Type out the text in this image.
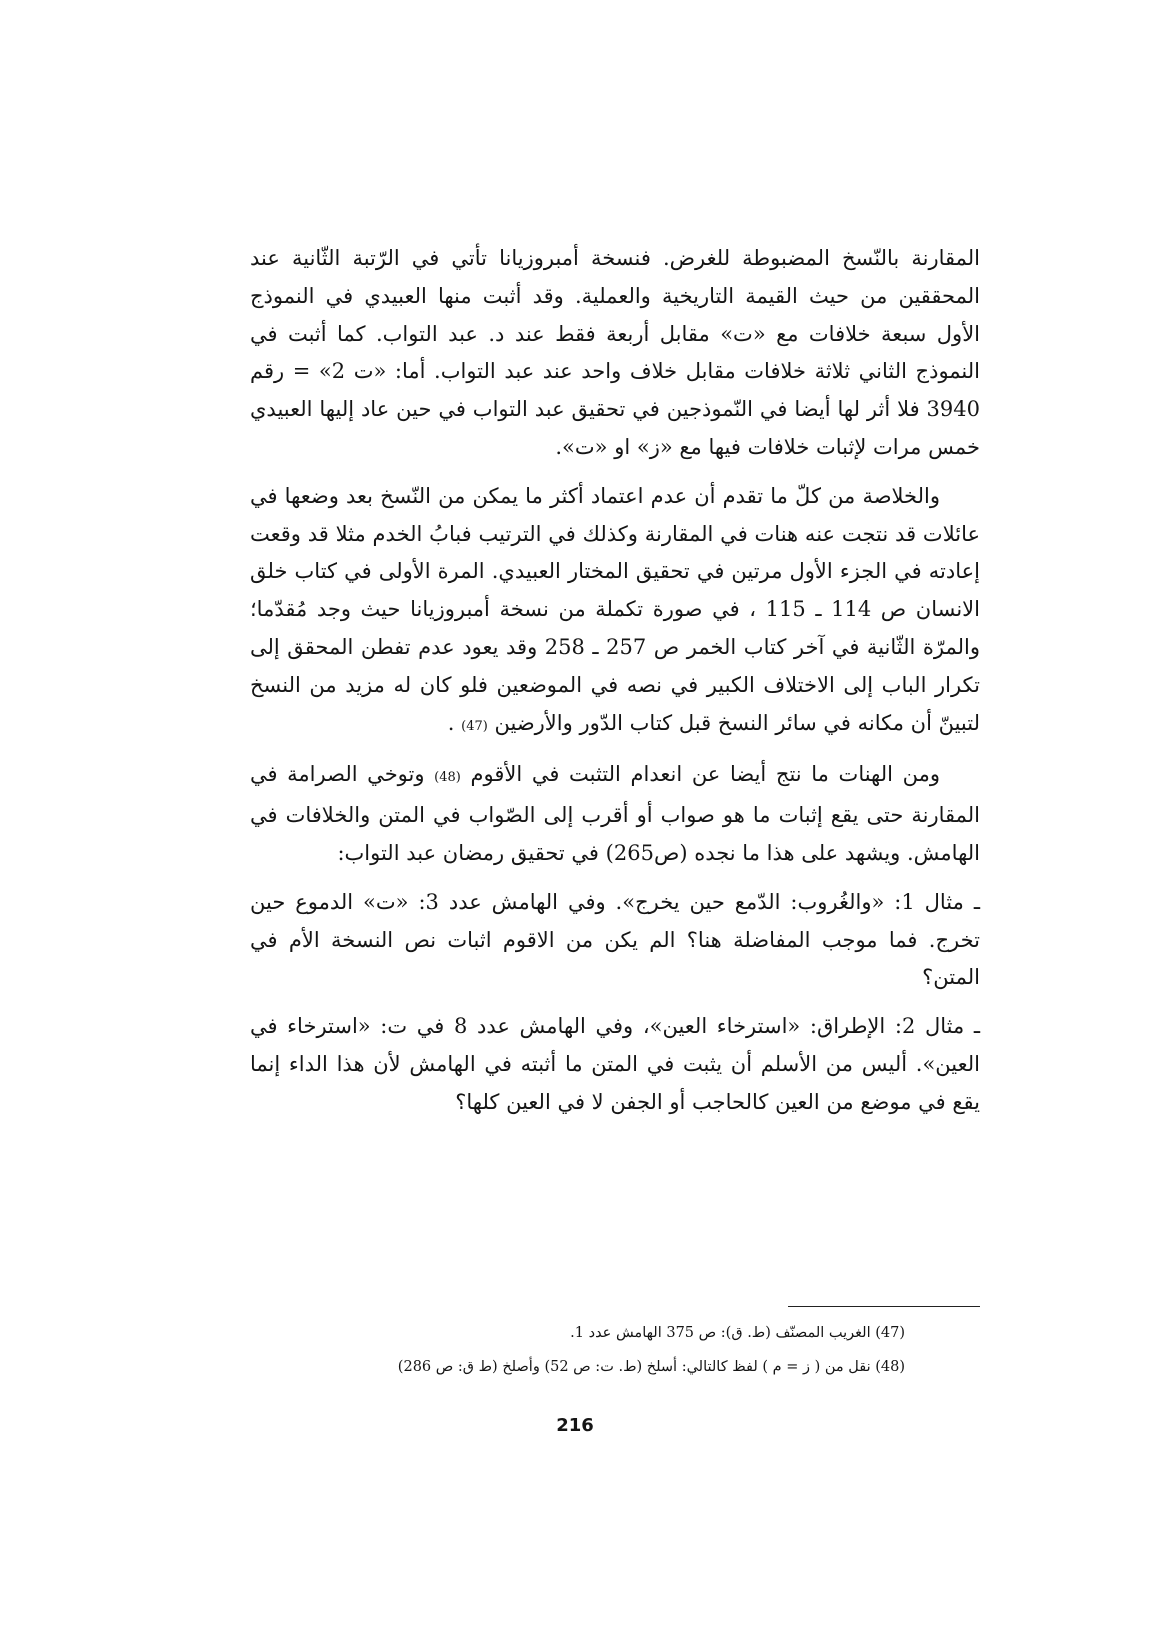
المقارنة بالنّسخ المضبوطة للغرض. فنسخة أمبروزيانا تأتي في الرّتبة الثّانية عند المحققين من حيث القيمة التاريخية والعملية. وقد أثبت منها العبيدي في النموذج الأول سبعة خلافات مع «ت» مقابل أربعة فقط عند د. عبد التواب. كما أثبت في النموذج الثاني ثلاثة خلافات مقابل خلاف واحد عند عبد التواب. أما: «ت 2» = رقم 3940 فلا أثر لها أيضا في النّموذجين في تحقيق عبد التواب في حين عاد إليها العبيدي خمس مرات لإثبات خلافات فيها مع «ز» او «ت».

والخلاصة من كلّ ما تقدم أن عدم اعتماد أكثر ما يمكن من النّسخ بعد وضعها في عائلات قد نتجت عنه هنات في المقارنة وكذلك في الترتيب فبابُ الخدم مثلا قد وقعت إعادته في الجزء الأول مرتين في تحقيق المختار العبيدي. المرة الأولى في كتاب خلق الانسان ص 114 ـ 115 ، في صورة تكملة من نسخة أمبروزيانا حيث وجد مُقدّما؛ والمرّة الثّانية في آخر كتاب الخمر ص 257 ـ 258 وقد يعود عدم تفطن المحقق إلى تكرار الباب إلى الاختلاف الكبير في نصه في الموضعين فلو كان له مزيد من النسخ لتبينّ أن مكانه في سائر النسخ قبل كتاب الدّور والأرضين (47) .

ومن الهنات ما نتج أيضا عن انعدام التثبت في الأقوم (48) وتوخي الصرامة في المقارنة حتى يقع إثبات ما هو صواب أو أقرب إلى الصّواب في المتن والخلافات في الهامش. ويشهد على هذا ما نجده (ص265) في تحقيق رمضان عبد التواب:

ـ مثال 1: «والغُروب: الدّمع حين يخرج». وفي الهامش عدد 3: «ت» الدموع حين تخرج. فما موجب المفاضلة هنا؟ الم يكن من الاقوم اثبات نص النسخة الأم في المتن؟

ـ مثال 2: الإطراق: «استرخاء العين»، وفي الهامش عدد 8 في ت: «استرخاء في العين». أليس من الأسلم أن يثبت في المتن ما أثبته في الهامش لأن هذا الداء إنما يقع في موضع من العين كالحاجب أو الجفن لا في العين كلها؟

(47) الغريب المصنّف (ط. ق): ص 375 الهامش عدد 1.

(48) نقل من ( ز = م ) لفظ كالتالي: أسلخ (ط. ت: ص 52) وأصلخ (ط ق: ص 286)

216
